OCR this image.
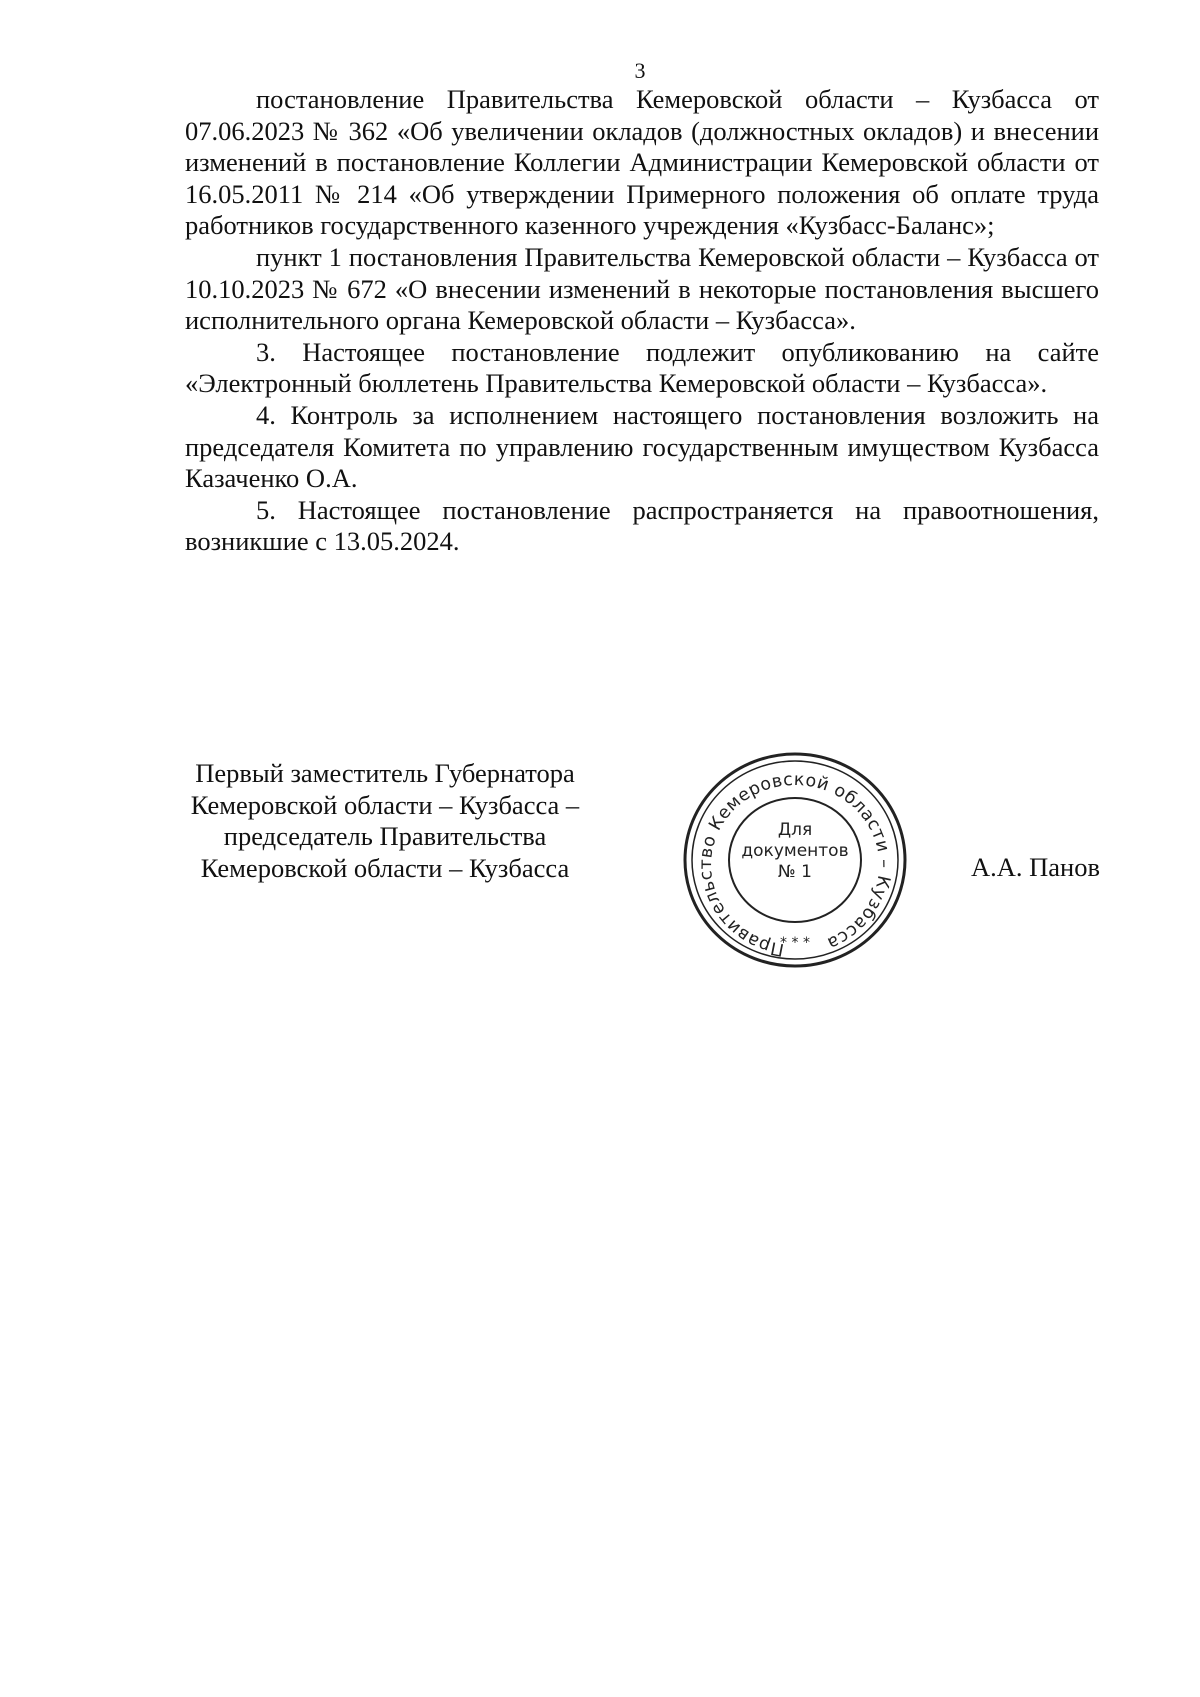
3

постановление Правительства Кемеровской области – Кузбасса от 07.06.2023 № 362 «Об увеличении окладов (должностных окладов) и внесении изменений в постановление Коллегии Администрации Кемеровской области от 16.05.2011 № 214 «Об утверждении Примерного положения об оплате труда работников государственного казенного учреждения «Кузбасс-Баланс»;

пункт 1 постановления Правительства Кемеровской области – Кузбасса от 10.10.2023 № 672 «О внесении изменений в некоторые постановления высшего исполнительного органа Кемеровской области – Кузбасса».

3. Настоящее постановление подлежит опубликованию на сайте «Электронный бюллетень Правительства Кемеровской области – Кузбасса».

4. Контроль за исполнением настоящего постановления возложить на председателя Комитета по управлению государственным имуществом Кузбасса Казаченко О.А.

5. Настоящее постановление распространяется на правоотношения, возникшие с 13.05.2024.

Первый заместитель Губернатора
Кемеровской области – Кузбасса –
председатель Правительства
Кемеровской области – Кузбасса
Правительство Кемеровской области – Кузбасса
Для
документов
№ 1
* * *
А.А. Панов
